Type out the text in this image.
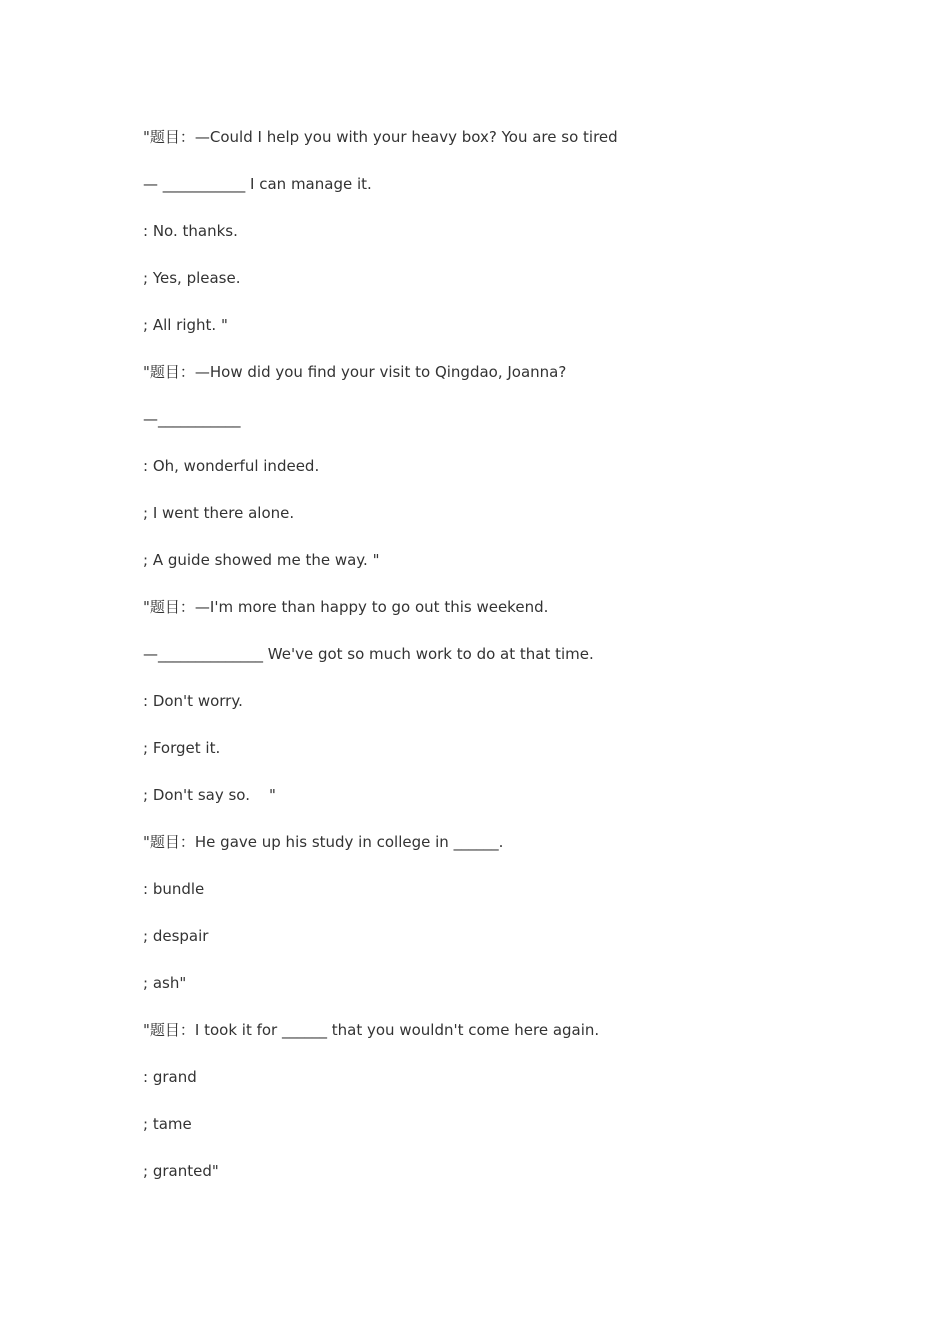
"题目：—Could I help you with your heavy box? You are so tired

— ___________ I can manage it.

: No. thanks.

; Yes, please.

; All right. "

"题目：—How did you find your visit to Qingdao, Joanna?

—___________

: Oh, wonderful indeed.

; I went there alone.

; A guide showed me the way. "

"题目：—I'm more than happy to go out this weekend.

—______________ We've got so much work to do at that time.

: Don't worry.

; Forget it.

; Don't say so.    "

"题目：He gave up his study in college in ______.

: bundle

; despair

; ash"

"题目：I took it for ______ that you wouldn't come here again.

: grand

; tame

; granted"
